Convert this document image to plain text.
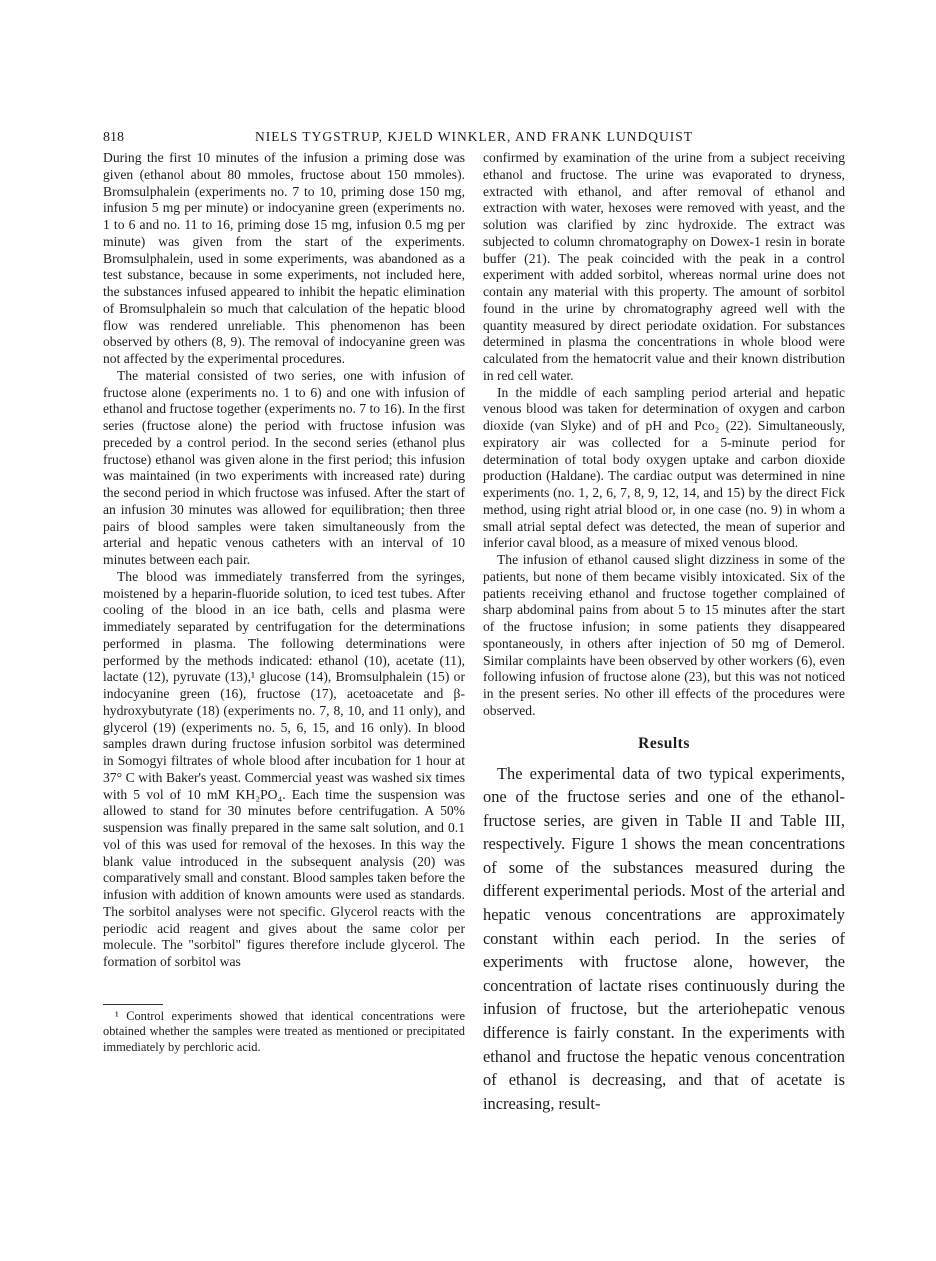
818	NIELS TYGSTRUP, KJELD WINKLER, AND FRANK LUNDQUIST

During the first 10 minutes of the infusion a priming dose was given (ethanol about 80 mmoles, fructose about 150 mmoles). Bromsulphalein (experiments no. 7 to 10, priming dose 150 mg, infusion 5 mg per minute) or indocyanine green (experiments no. 1 to 6 and no. 11 to 16, priming dose 15 mg, infusion 0.5 mg per minute) was given from the start of the experiments. Bromsulphalein, used in some experiments, was abandoned as a test substance, because in some experiments, not included here, the substances infused appeared to inhibit the hepatic elimination of Bromsulphalein so much that calculation of the hepatic blood flow was rendered unreliable. This phenomenon has been observed by others (8, 9). The removal of indocyanine green was not affected by the experimental procedures.

The material consisted of two series, one with infusion of fructose alone (experiments no. 1 to 6) and one with infusion of ethanol and fructose together (experiments no. 7 to 16). In the first series (fructose alone) the period with fructose infusion was preceded by a control period. In the second series (ethanol plus fructose) ethanol was given alone in the first period; this infusion was maintained (in two experiments with increased rate) during the second period in which fructose was infused. After the start of an infusion 30 minutes was allowed for equilibration; then three pairs of blood samples were taken simultaneously from the arterial and hepatic venous catheters with an interval of 10 minutes between each pair.

The blood was immediately transferred from the syringes, moistened by a heparin-fluoride solution, to iced test tubes. After cooling of the blood in an ice bath, cells and plasma were immediately separated by centrifugation for the determinations performed in plasma. The following determinations were performed by the methods indicated: ethanol (10), acetate (11), lactate (12), pyruvate (13),¹ glucose (14), Bromsulphalein (15) or indocyanine green (16), fructose (17), acetoacetate and β-hydroxybutyrate (18) (experiments no. 7, 8, 10, and 11 only), and glycerol (19) (experiments no. 5, 6, 15, and 16 only). In blood samples drawn during fructose infusion sorbitol was determined in Somogyi filtrates of whole blood after incubation for 1 hour at 37° C with Baker's yeast. Commercial yeast was washed six times with 5 vol of 10 mM KH₂PO₄. Each time the suspension was allowed to stand for 30 minutes before centrifugation. A 50% suspension was finally prepared in the same salt solution, and 0.1 vol of this was used for removal of the hexoses. In this way the blank value introduced in the subsequent analysis (20) was comparatively small and constant. Blood samples taken before the infusion with addition of known amounts were used as standards. The sorbitol analyses were not specific. Glycerol reacts with the periodic acid reagent and gives about the same color per molecule. The "sorbitol" figures therefore include glycerol. The formation of sorbitol was

¹ Control experiments showed that identical concentrations were obtained whether the samples were treated as mentioned or precipitated immediately by perchloric acid.

confirmed by examination of the urine from a subject receiving ethanol and fructose. The urine was evaporated to dryness, extracted with ethanol, and after removal of ethanol and extraction with water, hexoses were removed with yeast, and the solution was clarified by zinc hydroxide. The extract was subjected to column chromatography on Dowex-1 resin in borate buffer (21). The peak coincided with the peak in a control experiment with added sorbitol, whereas normal urine does not contain any material with this property. The amount of sorbitol found in the urine by chromatography agreed well with the quantity measured by direct periodate oxidation. For substances determined in plasma the concentrations in whole blood were calculated from the hematocrit value and their known distribution in red cell water.

In the middle of each sampling period arterial and hepatic venous blood was taken for determination of oxygen and carbon dioxide (van Slyke) and of pH and Pco₂ (22). Simultaneously, expiratory air was collected for a 5-minute period for determination of total body oxygen uptake and carbon dioxide production (Haldane). The cardiac output was determined in nine experiments (no. 1, 2, 6, 7, 8, 9, 12, 14, and 15) by the direct Fick method, using right atrial blood or, in one case (no. 9) in whom a small atrial septal defect was detected, the mean of superior and inferior caval blood, as a measure of mixed venous blood.

The infusion of ethanol caused slight dizziness in some of the patients, but none of them became visibly intoxicated. Six of the patients receiving ethanol and fructose together complained of sharp abdominal pains from about 5 to 15 minutes after the start of the fructose infusion; in some patients they disappeared spontaneously, in others after injection of 50 mg of Demerol. Similar complaints have been observed by other workers (6), even following infusion of fructose alone (23), but this was not noticed in the present series. No other ill effects of the procedures were observed.

Results

The experimental data of two typical experiments, one of the fructose series and one of the ethanol-fructose series, are given in Table II and Table III, respectively. Figure 1 shows the mean concentrations of some of the substances measured during the different experimental periods. Most of the arterial and hepatic venous concentrations are approximately constant within each period. In the series of experiments with fructose alone, however, the concentration of lactate rises continuously during the infusion of fructose, but the arteriohepatic venous difference is fairly constant. In the experiments with ethanol and fructose the hepatic venous concentration of ethanol is decreasing, and that of acetate is increasing, result-
